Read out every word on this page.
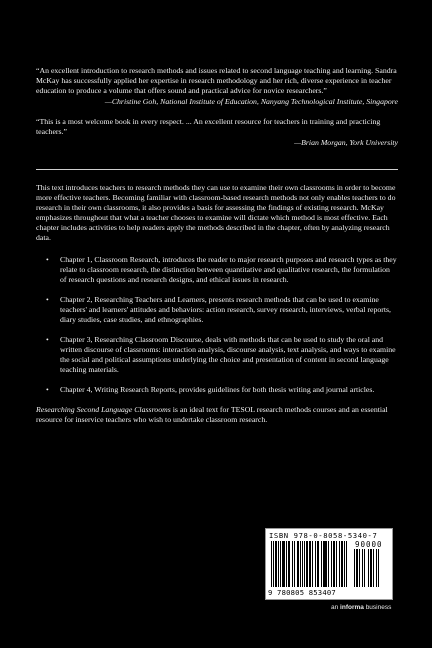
“An excellent introduction to research methods and issues related to second language teaching and learning. Sandra McKay has successfully applied her expertise in research methodology and her rich, diverse experience in teacher education to produce a volume that offers sound and practical advice for novice researchers.”

—Christine Goh, National Institute of Education, Nanyang Technological Institute, Singapore

“This is a most welcome book in every respect. ... An excellent resource for teachers in training and practicing teachers.”

—Brian Morgan, York University

This text introduces teachers to research methods they can use to examine their own classrooms in order to become more effective teachers. Becoming familiar with classroom-based research methods not only enables teachers to do research in their own classrooms, it also provides a basis for assessing the findings of existing research. McKay emphasizes throughout that what a teacher chooses to examine will dictate which method is most effective. Each chapter includes activities to help readers apply the methods described in the chapter, often by analyzing research data.

• Chapter 1, Classroom Research, introduces the reader to major research purposes and research types as they relate to classroom research, the distinction between quantitative and qualitative research, the formulation of research questions and research designs, and ethical issues in research.
• Chapter 2, Researching Teachers and Learners, presents research methods that can be used to examine teachers' and learners' attitudes and behaviors: action research, survey research, interviews, verbal reports, diary studies, case studies, and ethnographies.
• Chapter 3, Researching Classroom Discourse, deals with methods that can be used to study the oral and written discourse of classrooms: interaction analysis, discourse analysis, text analysis, and ways to examine the social and political assumptions underlying the choice and presentation of content in second language teaching materials.
• Chapter 4, Writing Research Reports, provides guidelines for both thesis writing and journal articles.

Researching Second Language Classrooms is an ideal text for TESOL research methods courses and an essential resource for inservice teachers who wish to undertake classroom research.

ISBN 978-0-8058-5340-7
90000
9 780805 853407
an informa business
